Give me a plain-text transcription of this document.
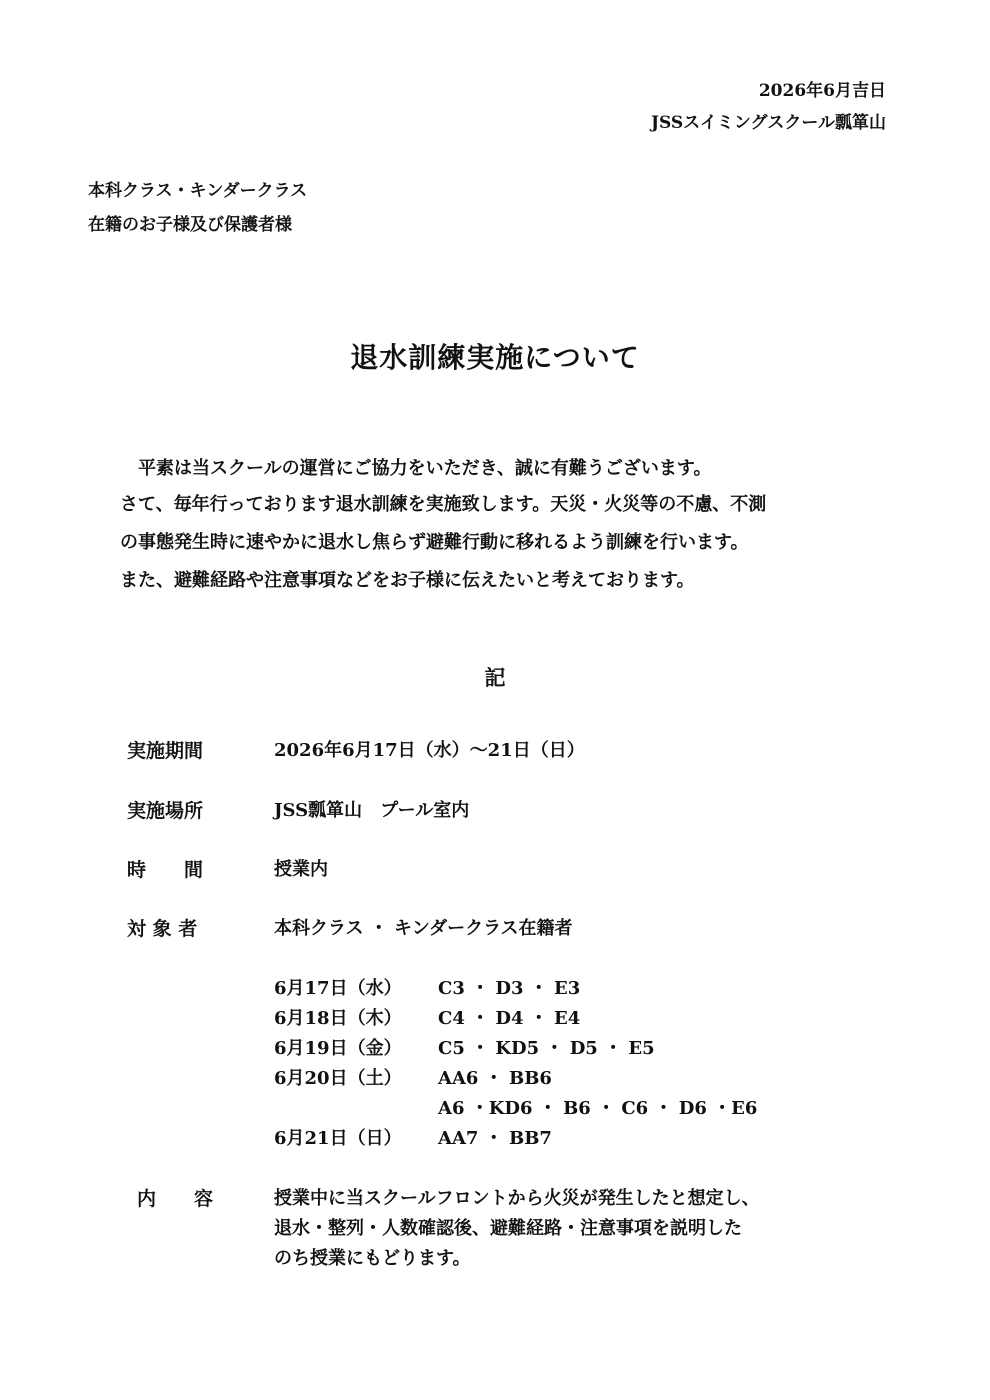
2026年6月吉日
JSSスイミングスクール瓢箪山
本科クラス・キンダークラス
在籍のお子様及び保護者様
退水訓練実施について
平素は当スクールの運営にご協力をいただき、誠に有難うございます。
さて、毎年行っております退水訓練を実施致します。天災・火災等の不慮、不測
の事態発生時に速やかに退水し焦らず避難行動に移れるよう訓練を行います。
また、避難経路や注意事項などをお子様に伝えたいと考えております。
記
実施期間	2026年6月17日（水）～21日（日）
実施場所	JSS瓢箪山　プール室内
時　　間	授業内
対 象 者	本科クラス ・ キンダークラス在籍者
6月17日（水） C3 ・ D3 ・ E3
6月18日（木） C4 ・ D4 ・ E4
6月19日（金） C5 ・ KD5 ・ D5 ・ E5
6月20日（土） AA6 ・ BB6
A6 ・KD6 ・ B6 ・ C6 ・ D6 ・E6
6月21日（日） AA7 ・ BB7
内　　容	授業中に当スクールフロントから火災が発生したと想定し、
退水・整列・人数確認後、避難経路・注意事項を説明した
のち授業にもどります。
